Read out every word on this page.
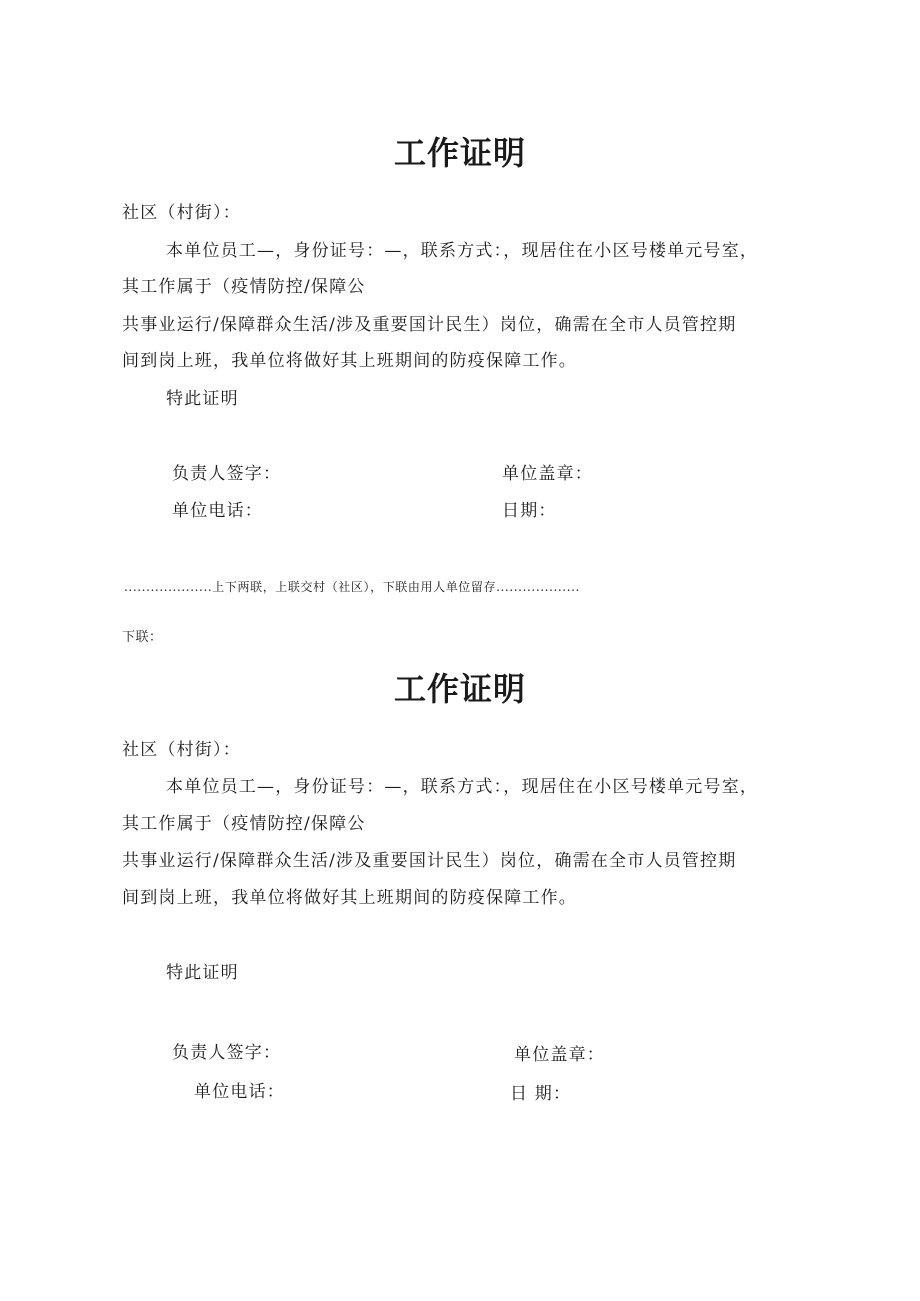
工作证明
社区（村街）：
本单位员工—，身份证号：—，联系方式：，现居住在小区号楼单元号室，
其工作属于（疫情防控/保障公
共事业运行/保障群众生活/涉及重要国计民生）岗位，确需在全市人员管控期
间到岗上班，我单位将做好其上班期间的防疫保障工作。
特此证明
负责人签字：	单位盖章：
单位电话：	日期：
....................上下两联，上联交村（社区），下联由用人单位留存...................
下联：
工作证明
社区（村街）：
本单位员工—，身份证号：—，联系方式：，现居住在小区号楼单元号室，
其工作属于（疫情防控/保障公
共事业运行/保障群众生活/涉及重要国计民生）岗位，确需在全市人员管控期
间到岗上班，我单位将做好其上班期间的防疫保障工作。
特此证明
负责人签字：	单位盖章：
单位电话：	日 期：
